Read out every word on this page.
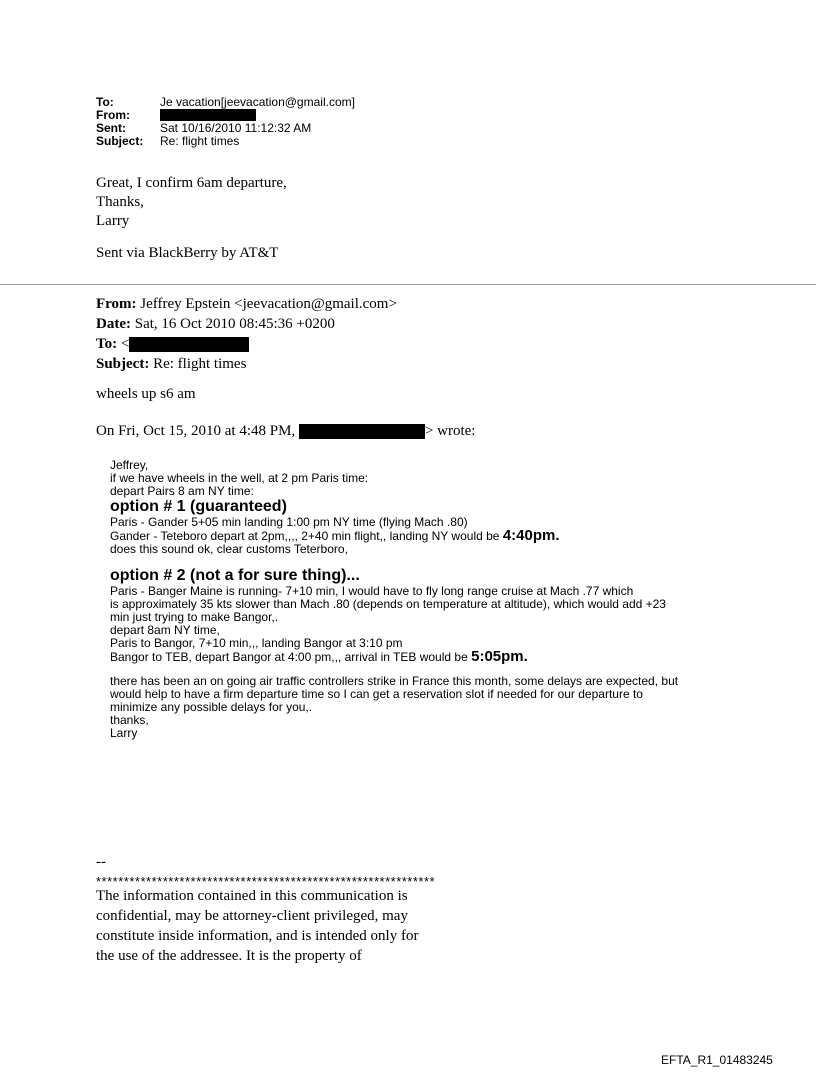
To:	Je vacation[jeevacation@gmail.com]
From:
Sent:	Sat 10/16/2010 11:12:32 AM
Subject:	Re: flight times

Great, I confirm 6am departure,

Thanks,

Larry

Sent via BlackBerry by AT&T
From: Jeffrey Epstein <jeevacation@gmail.com>
Date: Sat, 16 Oct 2010 08:45:36 +0200
To: <
Subject: Re: flight times
wheels up s6 am
On Fri, Oct 15, 2010 at 4:48 PM,	> wrote:
Jeffrey,
if we have wheels in the well, at 2 pm Paris time:
depart Pairs 8 am NY time:
option # 1 (guaranteed)
Paris - Gander 5+05 min landing 1:00 pm NY time (flying Mach .80)
Gander - Teteboro depart at 2pm,,,, 2+40 min flight,, landing NY would be 4:40pm.
does this sound ok, clear customs Teterboro,
option # 2 (not a for sure thing)...
Paris - Banger Maine is running- 7+10 min, I would have to fly long range cruise at Mach .77 which
is approximately 35 kts slower than Mach .80 (depends on temperature at altitude), which would add +23
min just trying to make Bangor,.
depart 8am NY time,
Paris to Bangor, 7+10 min,,, landing Bangor at 3:10 pm
Bangor to TEB, depart Bangor at 4:00 pm,,, arrival in TEB would be 5:05pm.
there has been an on going air traffic controllers strike in France this month, some delays are expected, but
would help to have a firm departure time so I can get a reservation slot if needed for our departure to
minimize any possible delays for you,.
thanks,
Larry
--
*************************************************************
The information contained in this communication is
confidential, may be attorney-client privileged, may
constitute inside information, and is intended only for
the use of the addressee. It is the property of
EFTA_R1_01483245
